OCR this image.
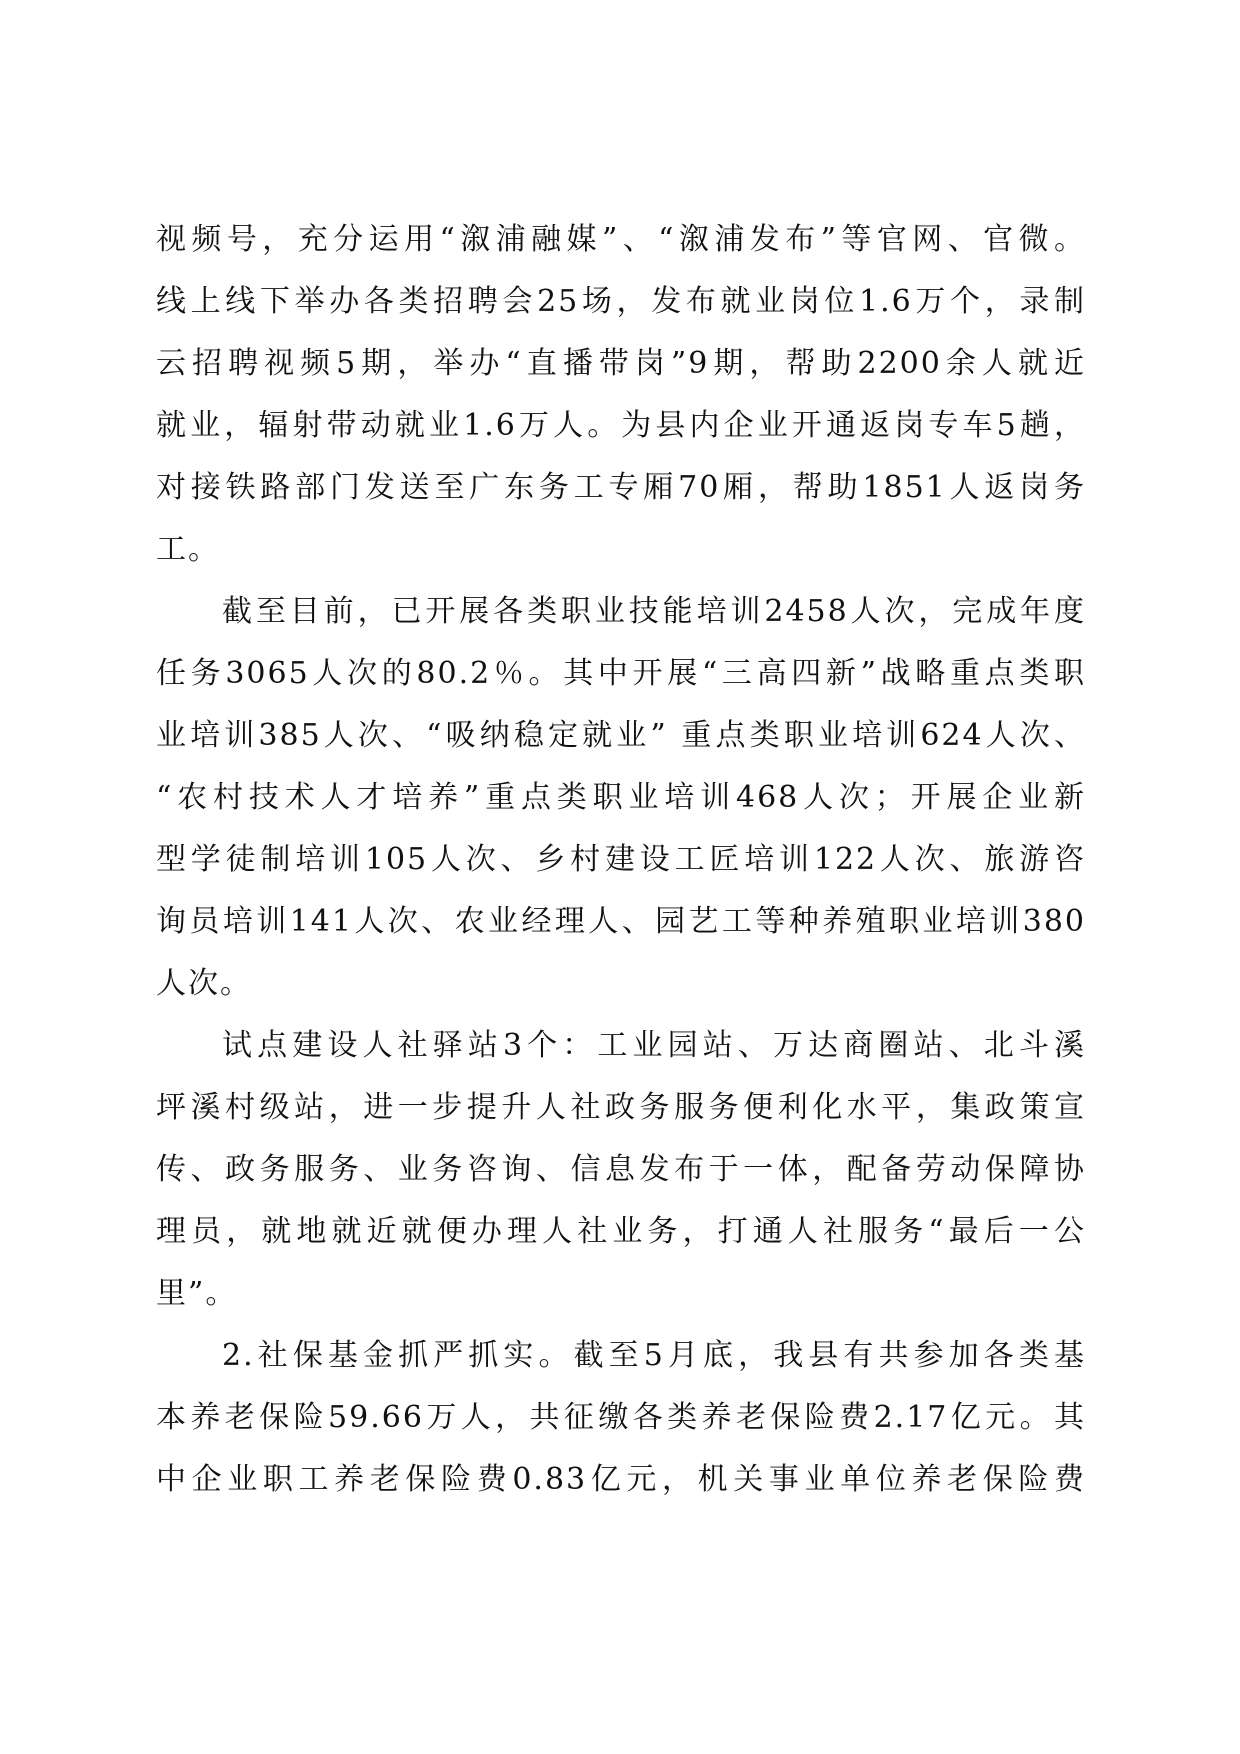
视频号，充分运用“溆浦融媒”、“溆浦发布”等官网、官微。
线上线下举办各类招聘会25场，发布就业岗位1.6万个，录制
云招聘视频5期，举办“直播带岗”9期，帮助2200余人就近
就业，辐射带动就业1.6万人。为县内企业开通返岗专车5趟，
对接铁路部门发送至广东务工专厢70厢，帮助1851人返岗务
工。
截至目前，已开展各类职业技能培训2458人次，完成年度
任务3065人次的80.2％。其中开展“三高四新”战略重点类职
业培训385人次、“吸纳稳定就业” 重点类职业培训624人次、
“农村技术人才培养”重点类职业培训468人次；开展企业新
型学徒制培训105人次、乡村建设工匠培训122人次、旅游咨
询员培训141人次、农业经理人、园艺工等种养殖职业培训380
人次。
试点建设人社驿站3个：工业园站、万达商圈站、北斗溪
坪溪村级站，进一步提升人社政务服务便利化水平，集政策宣
传、政务服务、业务咨询、信息发布于一体，配备劳动保障协
理员，就地就近就便办理人社业务，打通人社服务“最后一公
里”。
2.社保基金抓严抓实。截至5月底，我县有共参加各类基
本养老保险59.66万人，共征缴各类养老保险费2.17亿元。其
中企业职工养老保险费0.83亿元，机关事业单位养老保险费
